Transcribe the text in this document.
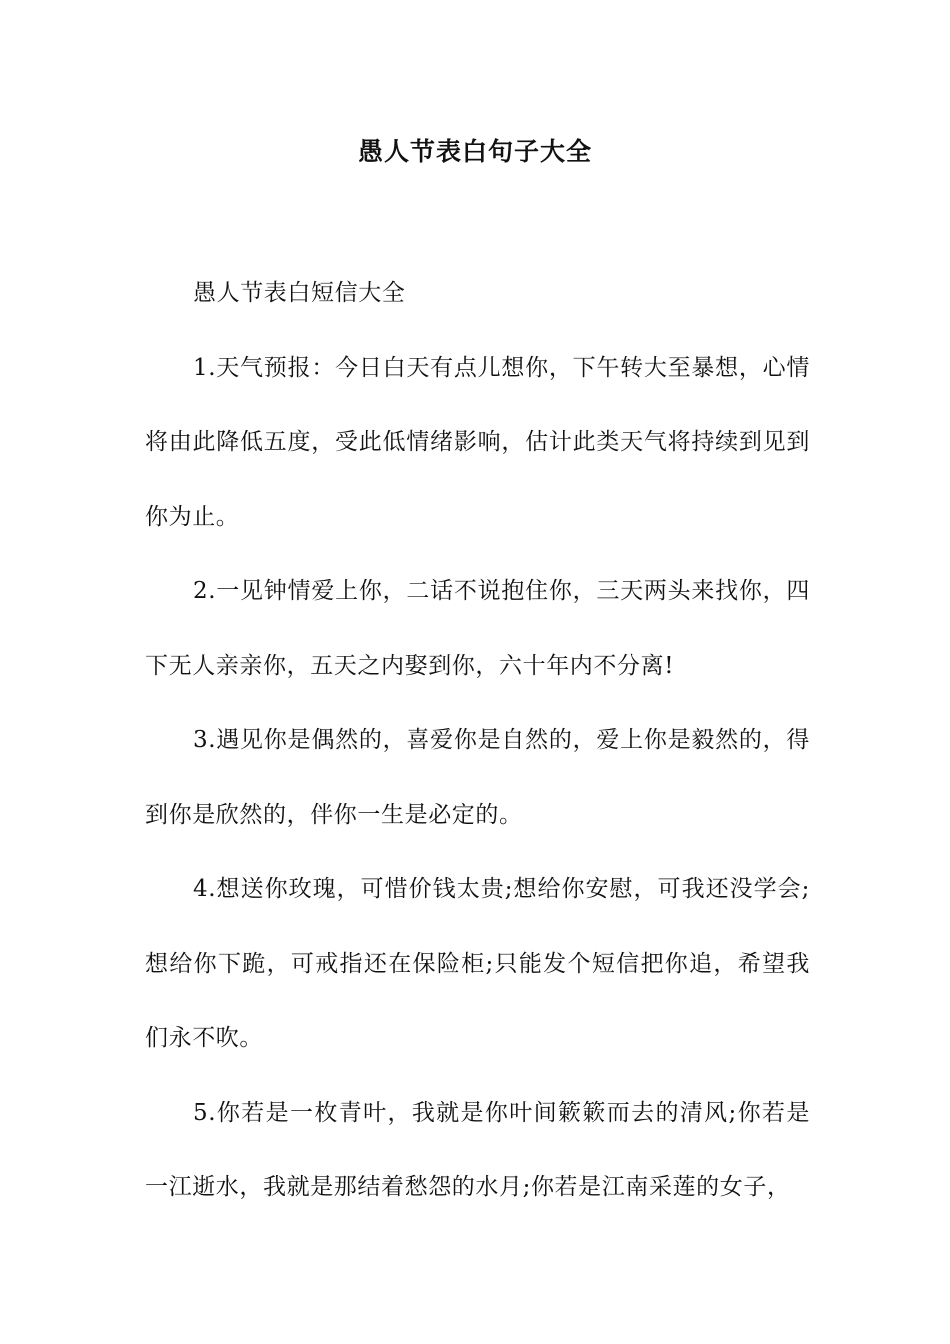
愚人节表白句子大全

愚人节表白短信大全

1.天气预报：今日白天有点儿想你，下午转大至暴想，心情将由此降低五度，受此低情绪影响，估计此类天气将持续到见到你为止。

2.一见钟情爱上你，二话不说抱住你，三天两头来找你，四下无人亲亲你，五天之内娶到你，六十年内不分离!

3.遇见你是偶然的，喜爱你是自然的，爱上你是毅然的，得到你是欣然的，伴你一生是必定的。

4.想送你玫瑰，可惜价钱太贵;想给你安慰，可我还没学会;想给你下跪，可戒指还在保险柜;只能发个短信把你追，希望我们永不吹。

5.你若是一枚青叶，我就是你叶间簌簌而去的清风;你若是一江逝水，我就是那结着愁怨的水月;你若是江南采莲的女子，
